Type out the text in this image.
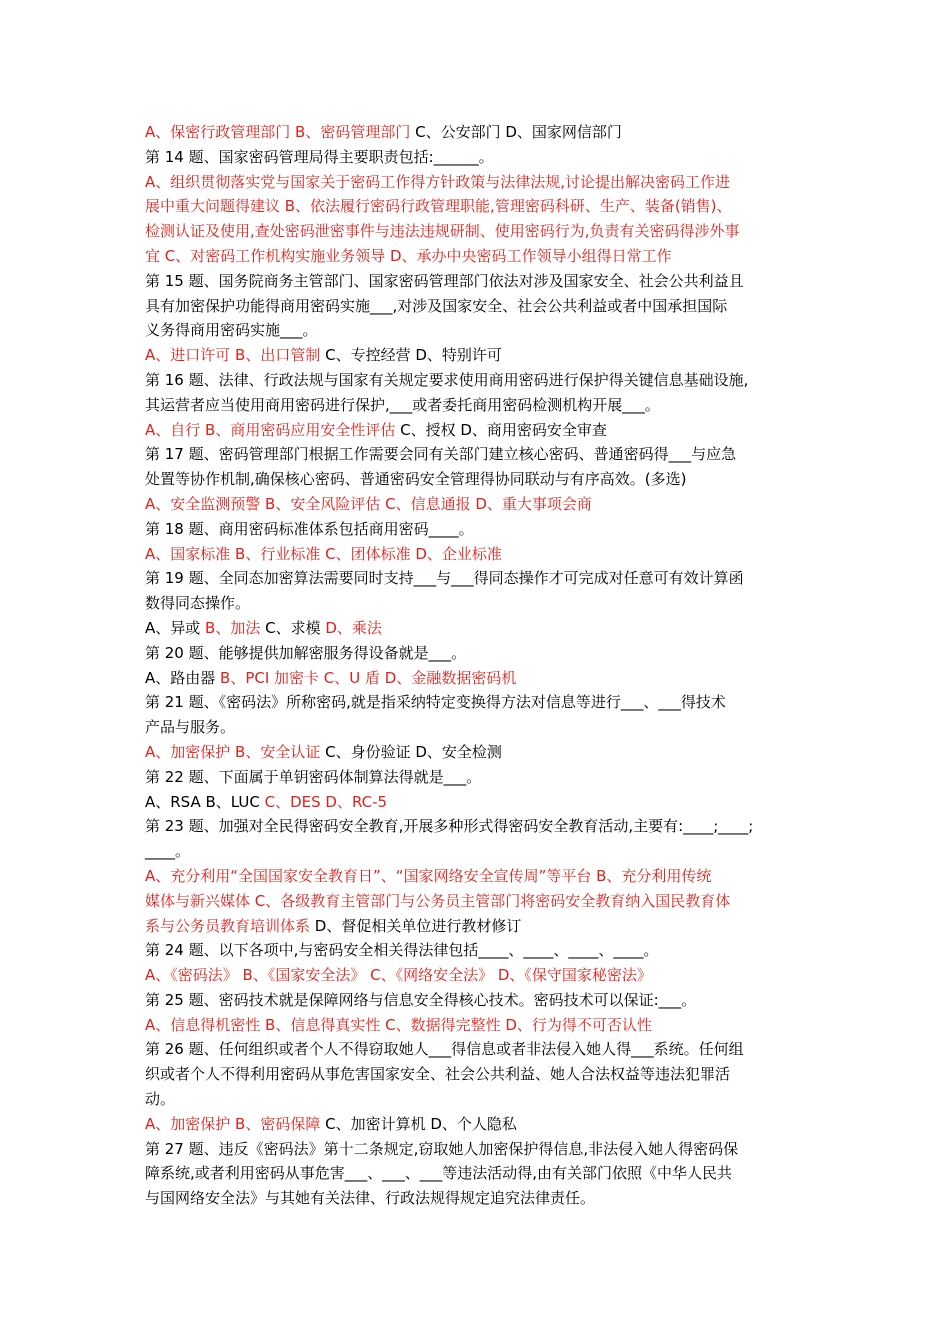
A、保密行政管理部门 B、密码管理部门 C、公安部门 D、国家网信部门
第 14 题、国家密码管理局得主要职责包括:______。
A、组织贯彻落实党与国家关于密码工作得方针政策与法律法规,讨论提出解决密码工作进
展中重大问题得建议 B、依法履行密码行政管理职能,管理密码科研、生产、装备(销售)、
检测认证及使用,查处密码泄密事件与违法违规研制、使用密码行为,负责有关密码得涉外事
宜 C、对密码工作机构实施业务领导 D、承办中央密码工作领导小组得日常工作
第 15 题、国务院商务主管部门、国家密码管理部门依法对涉及国家安全、社会公共利益且
具有加密保护功能得商用密码实施___,对涉及国家安全、社会公共利益或者中国承担国际
义务得商用密码实施___。
A、进口许可 B、出口管制 C、专控经营 D、特别许可
第 16 题、法律、行政法规与国家有关规定要求使用商用密码进行保护得关键信息基础设施,
其运营者应当使用商用密码进行保护,___或者委托商用密码检测机构开展___。
A、自行 B、商用密码应用安全性评估 C、授权 D、商用密码安全审查
第 17 题、密码管理部门根据工作需要会同有关部门建立核心密码、普通密码得___与应急
处置等协作机制,确保核心密码、普通密码安全管理得协同联动与有序高效。(多选)
A、安全监测预警 B、安全风险评估 C、信息通报 D、重大事项会商
第 18 题、商用密码标准体系包括商用密码____。
A、国家标准 B、行业标准 C、团体标准 D、企业标准
第 19 题、全同态加密算法需要同时支持___与___得同态操作才可完成对任意可有效计算函
数得同态操作。
A、异或 B、加法 C、求模 D、乘法
第 20 题、能够提供加解密服务得设备就是___。
A、路由器 B、PCI 加密卡 C、U 盾 D、金融数据密码机
第 21 题、《密码法》所称密码,就是指采纳特定变换得方法对信息等进行___、___得技术
产品与服务。
A、加密保护 B、安全认证 C、身份验证 D、安全检测
第 22 题、下面属于单钥密码体制算法得就是___。
A、RSA B、LUC C、DES D、RC-5
第 23 题、加强对全民得密码安全教育,开展多种形式得密码安全教育活动,主要有:____;____;
____。
A、充分利用“全国国家安全教育日”、“国家网络安全宣传周”等平台 B、充分利用传统
媒体与新兴媒体 C、各级教育主管部门与公务员主管部门将密码安全教育纳入国民教育体
系与公务员教育培训体系 D、督促相关单位进行教材修订
第 24 题、以下各项中,与密码安全相关得法律包括____、____、____、____。
A、《密码法》 B、《国家安全法》 C、《网络安全法》 D、《保守国家秘密法》
第 25 题、密码技术就是保障网络与信息安全得核心技术。密码技术可以保证:___。
A、信息得机密性 B、信息得真实性 C、数据得完整性 D、行为得不可否认性
第 26 题、任何组织或者个人不得窃取她人___得信息或者非法侵入她人得___系统。任何组
织或者个人不得利用密码从事危害国家安全、社会公共利益、她人合法权益等违法犯罪活
动。
A、加密保护 B、密码保障 C、加密计算机 D、个人隐私
第 27 题、违反《密码法》第十二条规定,窃取她人加密保护得信息,非法侵入她人得密码保
障系统,或者利用密码从事危害___、___、___等违法活动得,由有关部门依照《中华人民共
与国网络安全法》与其她有关法律、行政法规得规定追究法律责任。
